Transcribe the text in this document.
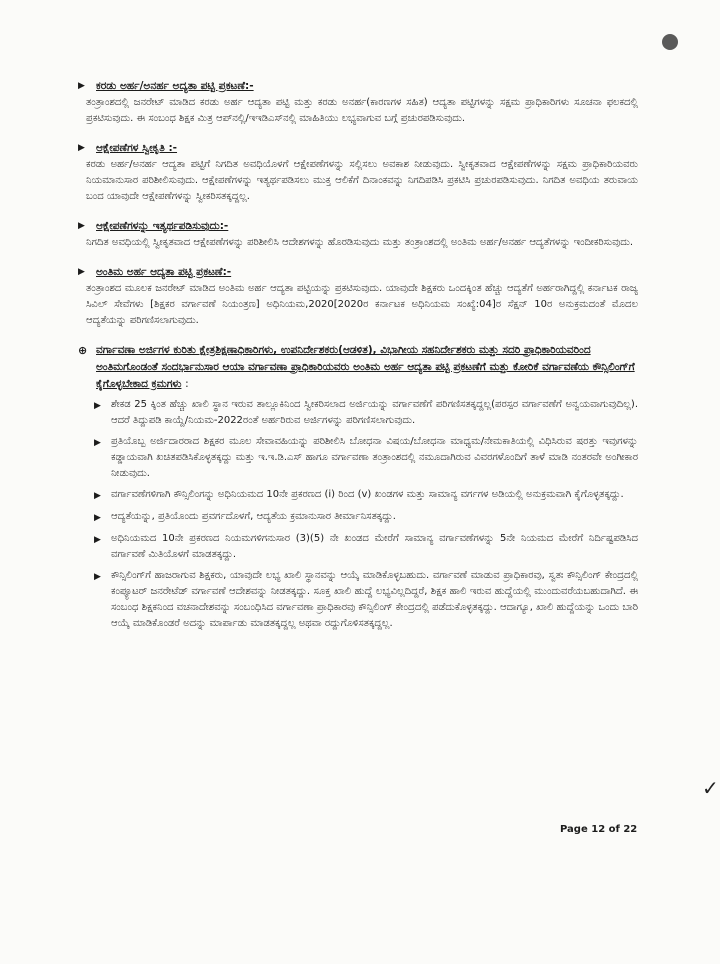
▶	ಕರಡು ಅರ್ಹ/ಅನರ್ಹ ಅದ್ಯತಾ ಪಟ್ಟಿ ಪ್ರಕಟಣೆ:-

ತಂತ್ರಾಂಶದಲ್ಲಿ ಜನರೇಟ್ ಮಾಡಿದ ಕರಡು ಅರ್ಹ ಆದ್ಯತಾ ಪಟ್ಟಿ ಮತ್ತು ಕರಡು ಅನರ್ಹ(ಕಾರಣಗಳ ಸಹಿತ) ಆದ್ಯತಾ ಪಟ್ಟಿಗಳನ್ನು ಸಕ್ಷಮ ಪ್ರಾಧಿಕಾರಿಗಳು ಸೂಚನಾ ಫಲಕದಲ್ಲಿ ಪ್ರಕಟಿಸುವುದು. ಈ ಸಂಬಂಧ ಶಿಕ್ಷಕ ಮಿತ್ರ ಆಪ್‌ನಲ್ಲಿ/ಇಇಡಿಎಸ್‌ನಲ್ಲಿ ಮಾಹಿತಿಯು ಲಭ್ಯವಾಗುವ ಬಗ್ಗೆ ಪ್ರಚುರಪಡಿಸುವುದು.

▶	ಆಕ್ಷೇಪಣೆಗಳ ಸ್ವೀಕೃತಿ :-

ಕರಡು ಅರ್ಹ/ಅನರ್ಹ ಆದ್ಯತಾ ಪಟ್ಟಿಗೆ ನಿಗದಿತ ಅವಧಿಯೊಳಗೆ ಆಕ್ಷೇಪಣೆಗಳನ್ನು ಸಲ್ಲಿಸಲು ಅವಕಾಶ ನೀಡುವುದು. ಸ್ವೀಕೃತವಾದ ಆಕ್ಷೇಪಣೆಗಳನ್ನು ಸಕ್ಷಮ ಪ್ರಾಧಿಕಾರಿಯವರು ನಿಯಮಾನುಸಾರ ಪರಿಶೀಲಿಸುವುದು. ಆಕ್ಷೇಪಣೆಗಳನ್ನು ಇತ್ಯರ್ಥಪಡಿಸಲು ಮುಕ್ತ ಆಲಿಕೆಗೆ ದಿನಾಂಕವನ್ನು ನಿಗದಿಪಡಿಸಿ ಪ್ರಕಟಿಸಿ ಪ್ರಚುರಪಡಿಸುವುದು. ನಿಗದಿತ ಅವಧಿಯ ತರುವಾಯ ಬಂದ ಯಾವುದೇ ಆಕ್ಷೇಪಣೆಗಳನ್ನು ಸ್ವೀಕರಿಸತಕ್ಕದ್ದಲ್ಲ.

▶	ಆಕ್ಷೇಪಣೆಗಳನ್ನು ಇತ್ಯರ್ಥಪಡಿಸುವುದು:-

ನಿಗದಿತ ಅವಧಿಯಲ್ಲಿ ಸ್ವೀಕೃತವಾದ ಆಕ್ಷೇಪಣೆಗಳನ್ನು ಪರಿಶೀಲಿಸಿ ಆದೇಶಗಳನ್ನು ಹೊರಡಿಸುವುದು ಮತ್ತು ತಂತ್ರಾಂಶದಲ್ಲಿ ಅಂತಿಮ ಅರ್ಹ/ಅನರ್ಹ ಆದ್ಯತೆಗಳನ್ನು ಇಂದೀಕರಿಸುವುದು.

▶	ಅಂತಿಮ ಅರ್ಹ ಆದ್ಯತಾ ಪಟ್ಟಿ ಪ್ರಕಟಣೆ:-

ತಂತ್ರಾಂಶದ ಮೂಲಕ ಜನರೇಟ್ ಮಾಡಿದ ಅಂತಿಮ ಅರ್ಹ ಆದ್ಯತಾ ಪಟ್ಟಿಯನ್ನು ಪ್ರಕಟಿಸುವುದು. ಯಾವುದೇ ಶಿಕ್ಷಕರು ಒಂದಕ್ಕಿಂತ ಹೆಚ್ಚು ಆದ್ಯತೆಗೆ ಅರ್ಹರಾಗಿದ್ದಲ್ಲಿ ಕರ್ನಾಟಕ ರಾಜ್ಯ ಸಿವಿಲ್ ಸೇವೆಗಳು [ಶಿಕ್ಷಕರ ವರ್ಗಾವಣೆ ನಿಯಂತ್ರಣ] ಅಧಿನಿಯಮ,2020[2020ರ ಕರ್ನಾಟಕ ಅಧಿನಿಯಮ ಸಂಖ್ಯೆ:04]ರ ಸೆಕ್ಷನ್ 10ರ ಅನುಕ್ರಮದಂತೆ ಮೊದಲ ಆದ್ಯತೆಯನ್ನು ಪರಿಗಣಿಸಲಾಗುವುದು.

⊕ ವರ್ಗಾವಣಾ ಅರ್ಜಿಗಳ ಕುರಿತು ಕ್ಷೇತ್ರಶಿಕ್ಷಣಾಧಿಕಾರಿಗಳು, ಉಪನಿರ್ದೇಶಕರು(ಆಡಳಿತ), ವಿಭಾಗೀಯ ಸಹನಿರ್ದೇಶಕರು ಮತ್ತು ಸದರಿ ಪ್ರಾಧಿಕಾರಿಯವರಿಂದ ಅಂತಿಮಗೊಂಡಂತೆ ಸಂದರ್ಭಾನುಸಾರ ಆಯಾ ವರ್ಗಾವಣಾ ಪ್ರಾಧಿಕಾರಿಯವರು ಅಂತಿಮ ಅರ್ಹ ಆದ್ಯತಾ ಪಟ್ಟಿ ಪ್ರಕಟಣೆಗೆ ಮತ್ತು ಕೋರಿಕೆ ವರ್ಗಾವಣೆಯ ಕೌನ್ಸಿಲಿಂಗ್‌ಗೆ ಕೈಗೊಳ್ಳಬೇಕಾದ ಕ್ರಮಗಳು :
▶	ಶೇಕಡ 25 ಕ್ಕಿಂತ ಹೆಚ್ಚು ಖಾಲಿ ಸ್ಥಾನ ಇರುವ ತಾಲ್ಲೂಕಿನಿಂದ ಸ್ವೀಕರಿಸಲಾದ ಅರ್ಜಿಯನ್ನು ವರ್ಗಾವಣೆಗೆ ಪರಿಗಣಿಸತಕ್ಕದ್ದಲ್ಲ(ಪರಸ್ಪರ ವರ್ಗಾವಣೆಗೆ ಅನ್ವಯವಾಗುವುದಿಲ್ಲ). ಆದರೆ ತಿದ್ದುಪಡಿ ಕಾಯ್ದೆ/ನಿಯಮ-2022ರಂತೆ ಅರ್ಹರಿರುವ ಅರ್ಜಿಗಳನ್ನು ಪರಿಗಣಿಸಲಾಗುವುದು.
▶	ಪ್ರತಿಯೊಬ್ಬ ಅರ್ಜಿದಾರರಾದ ಶಿಕ್ಷಕರ ಮೂಲ ಸೇವಾವಹಿಯನ್ನು ಪರಿಶೀಲಿಸಿ ಬೋಧನಾ ವಿಷಯ/ಬೋಧನಾ ಮಾಧ್ಯಮ/ನೇಮಕಾತಿಯಲ್ಲಿ ವಿಧಿಸಿರುವ ಷರತ್ತು ಇವುಗಳನ್ನು ಕಡ್ಡಾಯವಾಗಿ ಖಚಿತಪಡಿಸಿಕೊಳ್ಳತಕ್ಕದ್ದು ಮತ್ತು ಇ.ಇ.ಡಿ.ಎಸ್ ಹಾಗೂ ವರ್ಗಾವಣಾ ತಂತ್ರಾಂಶದಲ್ಲಿ ನಮೂದಾಗಿರುವ ವಿವರಗಳೊಂದಿಗೆ ತಾಳೆ ಮಾಡಿ ನಂತರವೇ ಅಂಗೀಕಾರ ನೀಡುವುದು.
▶	ವರ್ಗಾವಣೆಗಳಿಗಾಗಿ ಕೌನ್ಸಿಲಿಂಗನ್ನು ಅಧಿನಿಯಮದ 10ನೇ ಪ್ರಕರಣದ (i) ರಿಂದ (v) ಖಂಡಗಳ ಮತ್ತು ಸಾಮಾನ್ಯ ವರ್ಗಗಳ ಅಡಿಯಲ್ಲಿ ಅನುಕ್ರಮವಾಗಿ ಕೈಗೊಳ್ಳತಕ್ಕದ್ದು.
▶	ಆದ್ಯತೆಯನ್ನು, ಪ್ರತಿಯೊಂದು ಪ್ರವರ್ಗದೊಳಗೆ, ಆದ್ಯತೆಯ ಕ್ರಮಾನುಸಾರ ತೀರ್ಮಾನಿಸತಕ್ಕದ್ದು.
▶	ಅಧಿನಿಯಮದ 10ನೇ ಪ್ರಕರಣದ ನಿಯಮಗಳಿಗನುಸಾರ (3)(5) ನೇ ಖಂಡದ ಮೇರೆಗೆ ಸಾಮಾನ್ಯ ವರ್ಗಾವಣೆಗಳನ್ನು 5ನೇ ನಿಯಮದ ಮೇರೆಗೆ ನಿರ್ದಿಷ್ಟಪಡಿಸಿದ ವರ್ಗಾವಣೆ ಮಿತಿಯೊಳಗೆ ಮಾಡತಕ್ಕದ್ದು.
▶	ಕೌನ್ಸಿಲಿಂಗ್‌ಗೆ ಹಾಜರಾಗುವ ಶಿಕ್ಷಕರು, ಯಾವುದೇ ಲಭ್ಯ ಖಾಲಿ ಸ್ಥಾನವನ್ನು ಆಯ್ಕೆ ಮಾಡಿಕೊಳ್ಳಬಹುದು. ವರ್ಗಾವಣೆ ಮಾಡುವ ಪ್ರಾಧಿಕಾರವು, ಸ್ವತಃ ಕೌನ್ಸಿಲಿಂಗ್ ಕೇಂದ್ರದಲ್ಲಿ ಕಂಪ್ಯೂಟರ್ ಜನರೇಟೆಡ್ ವರ್ಗಾವಣೆ ಆದೇಶವನ್ನು ನೀಡತಕ್ಕದ್ದು. ಸೂಕ್ತ ಖಾಲಿ ಹುದ್ದೆ ಲಭ್ಯವಿಲ್ಲದಿದ್ದರೆ, ಶಿಕ್ಷಕ ಹಾಲಿ ಇರುವ ಹುದ್ದೆಯಲ್ಲಿ ಮುಂದುವರೆಯಬಹುದಾಗಿದೆ. ಈ ಸಂಬಂಧ ಶಿಕ್ಷಕನಿಂದ ವಚನಾದೇಶವನ್ನು ಸಂಬಂಧಿಸಿದ ವರ್ಗಾವಣಾ ಪ್ರಾಧಿಕಾರವು ಕೌನ್ಸಿಲಿಂಗ್ ಕೇಂದ್ರದಲ್ಲಿ ಪಡೆದುಕೊಳ್ಳತಕ್ಕದ್ದು. ಆದಾಗ್ಯೂ, ಖಾಲಿ ಹುದ್ದೆಯನ್ನು ಒಂದು ಬಾರಿ ಆಯ್ಕೆ ಮಾಡಿಕೊಂಡರೆ ಅದನ್ನು ಮಾರ್ಪಾಡು ಮಾಡತಕ್ಕದ್ದಲ್ಲ ಅಥವಾ ರದ್ದುಗೊಳಿಸತಕ್ಕದ್ದಲ್ಲ.
✓
Page 12 of 22
